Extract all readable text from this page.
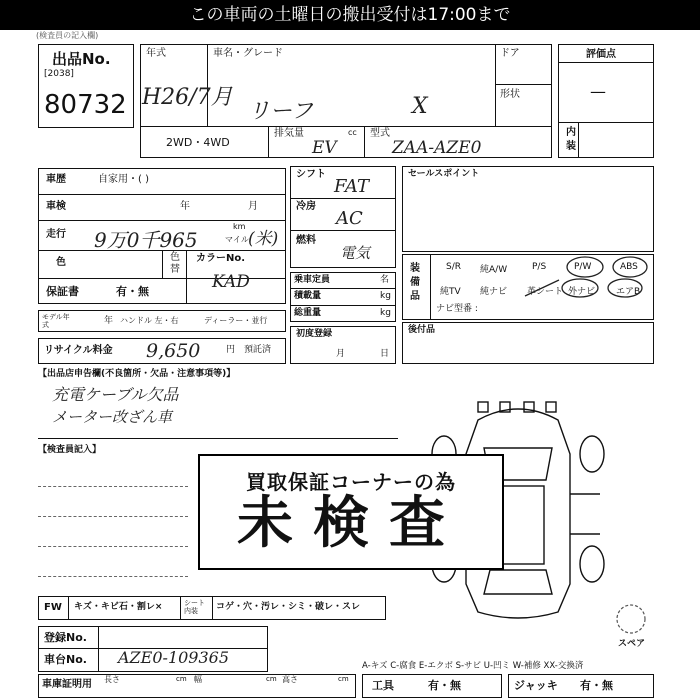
この車両の土曜日の搬出受付は17:00まで
(検査員の記入欄)
出品No.
[2038]
80732
年式
H26/7月
車名・グレード
リーフ	X
ドア
形状
2WD・4WD
排気量	cc
EV
型式
ZAA-AZE0
評価点
—
内装
車歴	自家用・( )
車検	年	月
走行 9万0千965
km
マイル (米)
色	色替
カラーNo.
KAD
保証書	有・無
モデル年式	年 ハンドル 左・右	ディーラー・並行
シフト
FAT
冷房
AC
燃料
電気
乗車定員	名
積載量	kg
総重量	kg
初度登録
月	日
セールスポイント
装備品
S/R 純A/W	P/S	P/W	ABS
純TV 純ナビ 革シート 外ナビ エアB
ナビ型番 :
後付品
リサイクル料金 9,650	円 預託済
【出品店申告欄(不良箇所・欠品・注意事項等)】
充電ケーブル欠品
メーター改ざん車
【検査員記入】
買取保証コーナーの為
未検査
スペア
FW キズ・キビ石・割レ×	シート内装	コゲ・穴・汚レ・シミ・破レ・スレ
登録No.
車台No. AZE0-109365
車庫証明用 長さ	cm 幅	cm 高さ	cm
A-キズ C-腐食 E-エクボ S-サビ U-凹ミ W-補修 XX-交換済
工具	有・無	ジャッキ 有・無
